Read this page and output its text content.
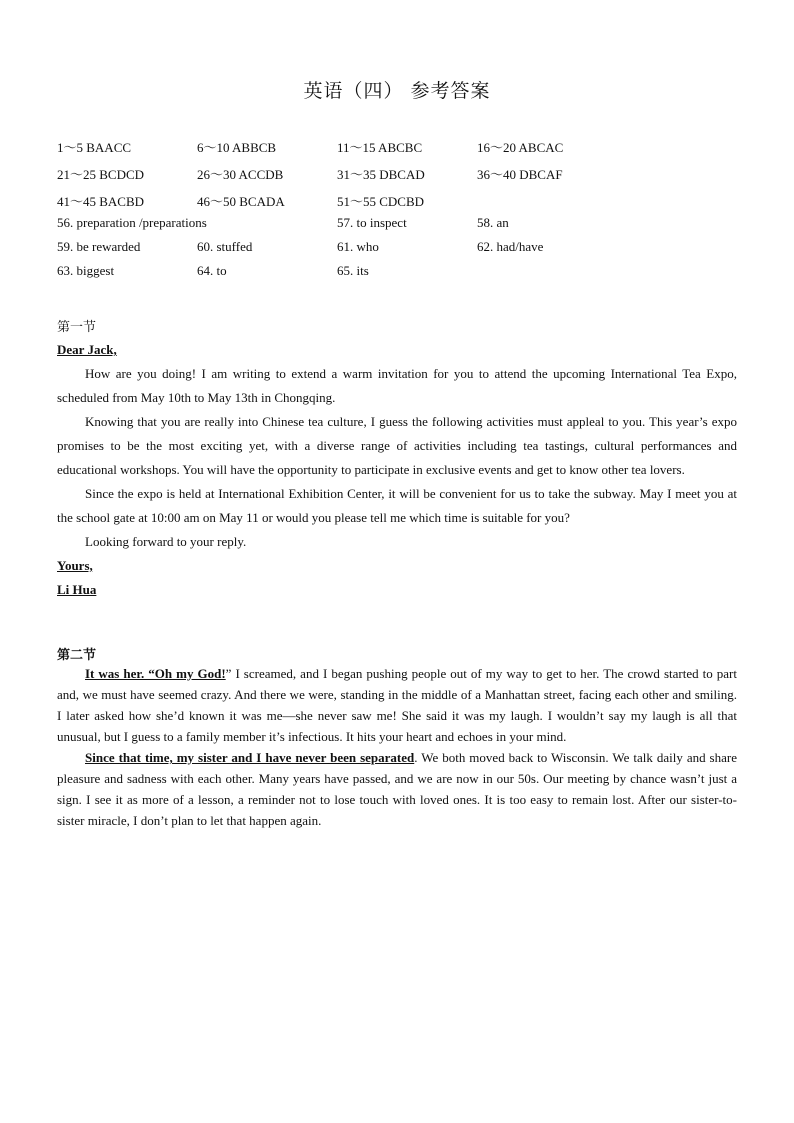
英语（四） 参考答案
1～5 BAACC	6～10 ABBCB	11～15 ABCBC	16～20 ABCAC
21～25 BCDCD	26～30 ACCDB	31～35 DBCAD	36～40 DBCAF
41～45 BACBD	46～50 BCADA	51～55 CDCBD
56. preparation /preparations	57. to inspect	58. an
59. be rewarded	60. stuffed	61. who	62. had/have
63. biggest	64. to	65. its
第一节

Dear Jack,

How are you doing! I am writing to extend a warm invitation for you to attend the upcoming International Tea Expo, scheduled from May 10th to May 13th in Chongqing.

Knowing that you are really into Chinese tea culture, I guess the following activities must appleal to you. This year’s expo promises to be the most exciting yet, with a diverse range of activities including tea tastings, cultural performances and educational workshops. You will have the opportunity to participate in exclusive events and get to know other tea lovers.

Since the expo is held at International Exhibition Center, it will be convenient for us to take the subway. May I meet you at the school gate at 10:00 am on May 11 or would you please tell me which time is suitable for you?

Looking forward to your reply.

Yours,

Li Hua

第二节

It was her. “Oh my God!” I screamed, and I began pushing people out of my way to get to her. The crowd started to part and, we must have seemed crazy. And there we were, standing in the middle of a Manhattan street, facing each other and smiling. I later asked how she’d known it was me—she never saw me! She said it was my laugh. I wouldn’t say my laugh is all that unusual, but I guess to a family member it’s infectious. It hits your heart and echoes in your mind.

Since that time, my sister and I have never been separated. We both moved back to Wisconsin. We talk daily and share pleasure and sadness with each other. Many years have passed, and we are now in our 50s. Our meeting by chance wasn’t just a sign. I see it as more of a lesson, a reminder not to lose touch with loved ones. It is too easy to remain lost. After our sister-to-sister miracle, I don’t plan to let that happen again.
